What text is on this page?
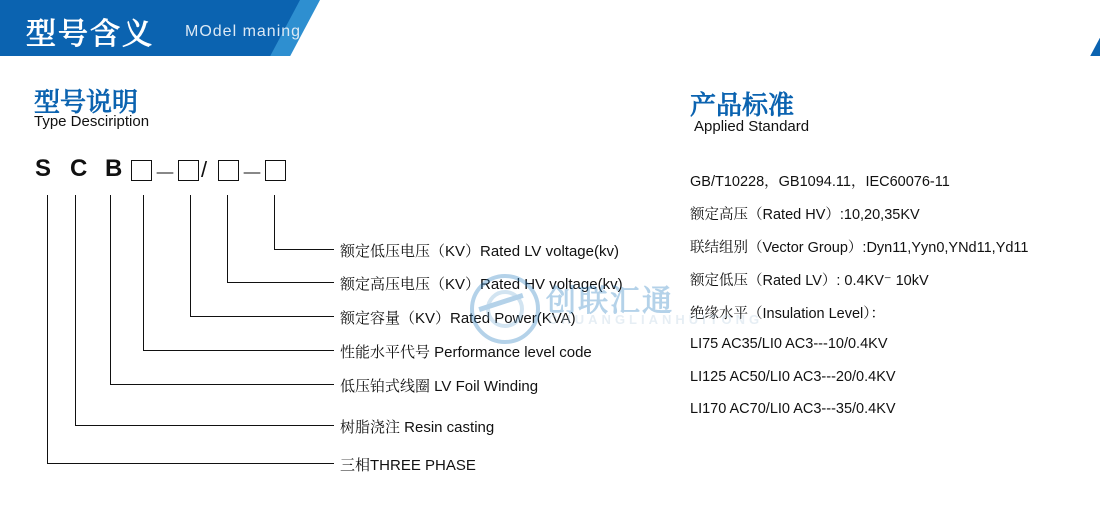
型号含义 MOdel maning
型号说明
Type Desciription
产品标准
Applied Standard
S C B － / －
额定低压电压（KV）Rated LV voltage(kv)
额定高压电压（KV）Rated HV voltage(kv)
额定容量（KV）Rated Power(KVA)
性能水平代号 Performance level code
低压铂式线圈 LV Foil Winding
树脂浇注 Resin casting
三相THREE PHASE
GB/T10228，GB1094.11，IEC60076-11
额定高压（Rated HV）:10,20,35KV
联结组别（Vector Group）:Dyn11,Yyn0,YNd11,Yd11
额定低压（Rated LV）: 0.4KV⁻ 10kV
绝缘水平（Insulation Level）：
LI75 AC35/LI0 AC3---10/0.4KV
LI125 AC50/LI0 AC3---20/0.4KV
LI170 AC70/LI0 AC3---35/0.4KV
创联汇通
CHUANGLIANHUITONG
